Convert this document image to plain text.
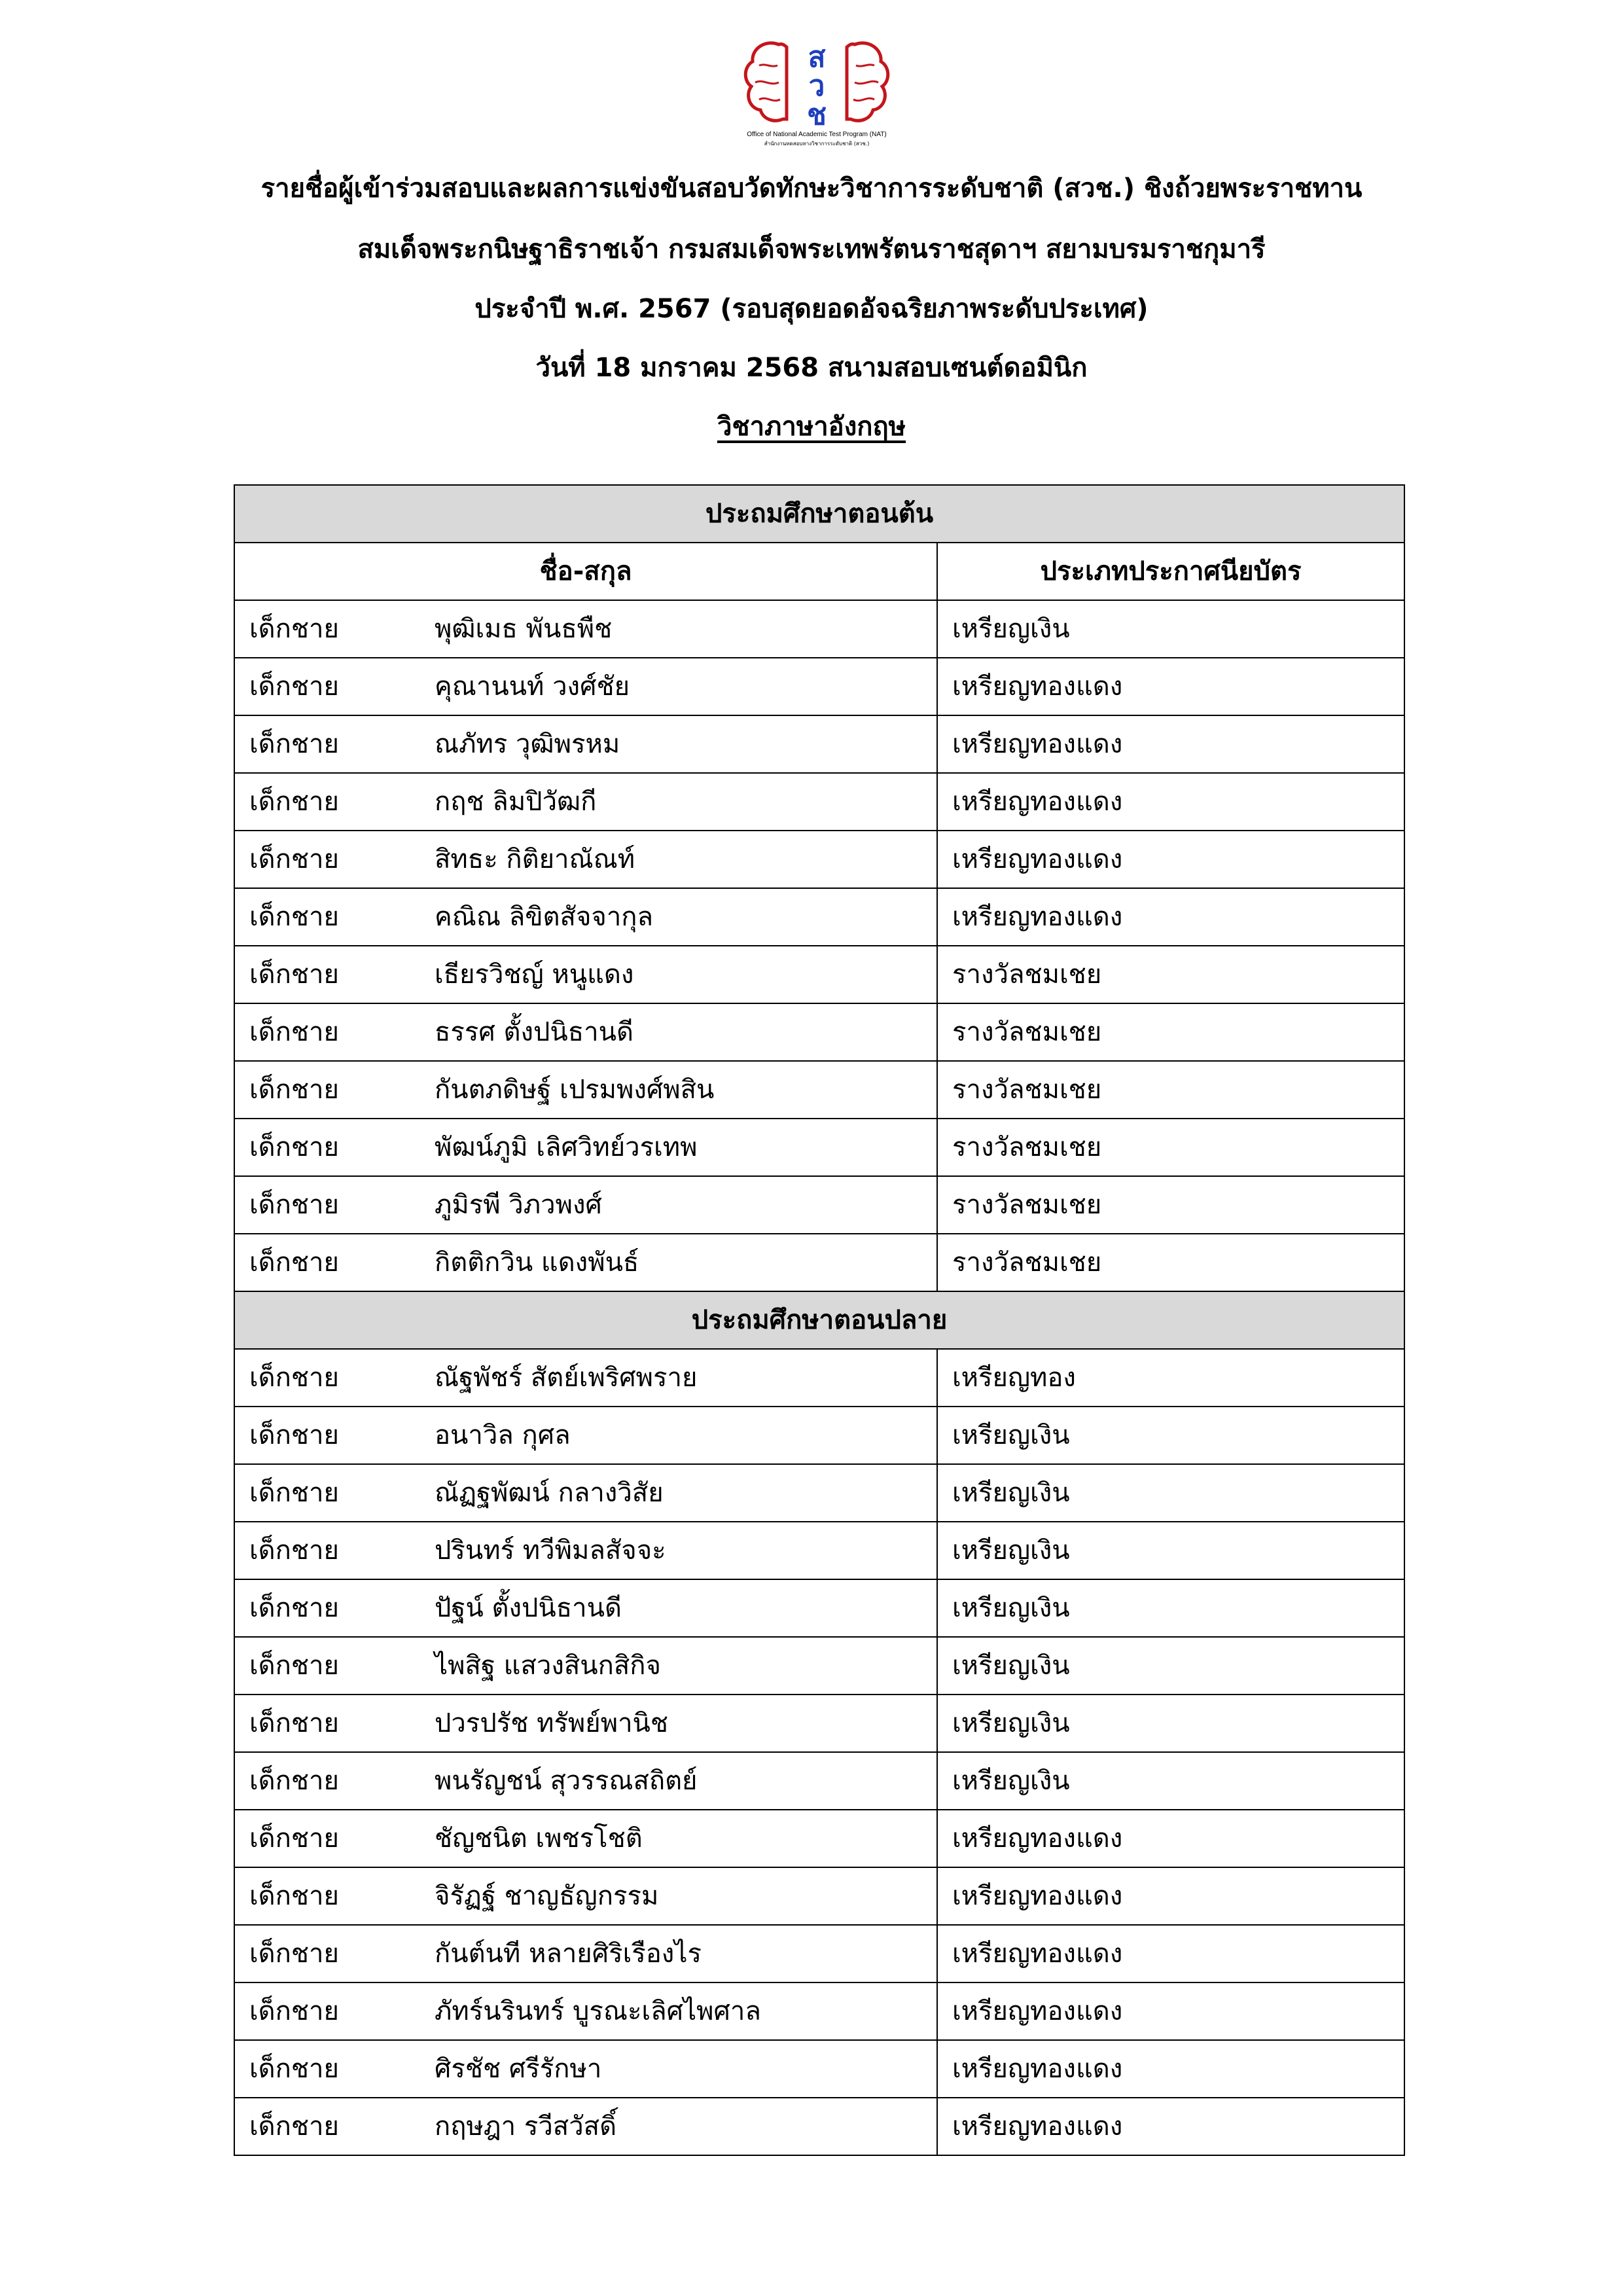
ส
ว
ช
Office of National Academic Test Program (NAT)
สำนักงานทดสอบทางวิชาการระดับชาติ (สวช.)
รายชื่อผู้เข้าร่วมสอบและผลการแข่งขันสอบวัดทักษะวิชาการระดับชาติ (สวช.) ชิงถ้วยพระราชทาน
สมเด็จพระกนิษฐาธิราชเจ้า กรมสมเด็จพระเทพรัตนราชสุดาฯ สยามบรมราชกุมารี
ประจำปี พ.ศ. 2567 (รอบสุดยอดอัจฉริยภาพระดับประเทศ)
วันที่ 18 มกราคม 2568 สนามสอบเซนต์ดอมินิก
วิชาภาษาอังกฤษ
ประถมศึกษาตอนต้น		
ชื่อ-สกุล		ประเภทประกาศนียบัตร
เด็กชาย	พุฒิเมธ พันธพืช	เหรียญเงิน
เด็กชาย	คุณานนท์ วงศ์ชัย	เหรียญทองแดง
เด็กชาย	ณภัทร วุฒิพรหม	เหรียญทองแดง
เด็กชาย	กฤช ลิมปิวัฒกี	เหรียญทองแดง
เด็กชาย	สิทธะ กิติยาณัณท์	เหรียญทองแดง
เด็กชาย	คณิณ ลิขิตสัจจากุล	เหรียญทองแดง
เด็กชาย	เธียรวิชญ์ หนูแดง	รางวัลชมเชย
เด็กชาย	ธรรศ ตั้งปนิธานดี	รางวัลชมเชย
เด็กชาย	กันตภดิษฐ์ เปรมพงศ์พสิน	รางวัลชมเชย
เด็กชาย	พัฒน์ภูมิ เลิศวิทย์วรเทพ	รางวัลชมเชย
เด็กชาย	ภูมิรพี วิภวพงศ์	รางวัลชมเชย
เด็กชาย	กิตติกวิน แดงพันธ์	รางวัลชมเชย
ประถมศึกษาตอนปลาย		
เด็กชาย	ณัฐพัชร์ สัตย์เพริศพราย	เหรียญทอง
เด็กชาย	อนาวิล กุศล	เหรียญเงิน
เด็กชาย	ณัฏฐพัฒน์ กลางวิสัย	เหรียญเงิน
เด็กชาย	ปรินทร์ ทวีพิมลสัจจะ	เหรียญเงิน
เด็กชาย	ปัฐน์ ตั้งปนิธานดี	เหรียญเงิน
เด็กชาย	ไพสิฐ แสวงสินกสิกิจ	เหรียญเงิน
เด็กชาย	ปวรปรัช ทรัพย์พานิช	เหรียญเงิน
เด็กชาย	พนรัญชน์ สุวรรณสถิตย์	เหรียญเงิน
เด็กชาย	ชัญชนิต เพชรโชติ	เหรียญทองแดง
เด็กชาย	จิรัฏฐ์ ชาญธัญกรรม	เหรียญทองแดง
เด็กชาย	กันต์นที หลายศิริเรืองไร	เหรียญทองแดง
เด็กชาย	ภัทร์นรินทร์ บูรณะเลิศไพศาล	เหรียญทองแดง
เด็กชาย	ศิรชัช ศรีรักษา	เหรียญทองแดง
เด็กชาย	กฤษฎา รวีสวัสดิ์	เหรียญทองแดง
